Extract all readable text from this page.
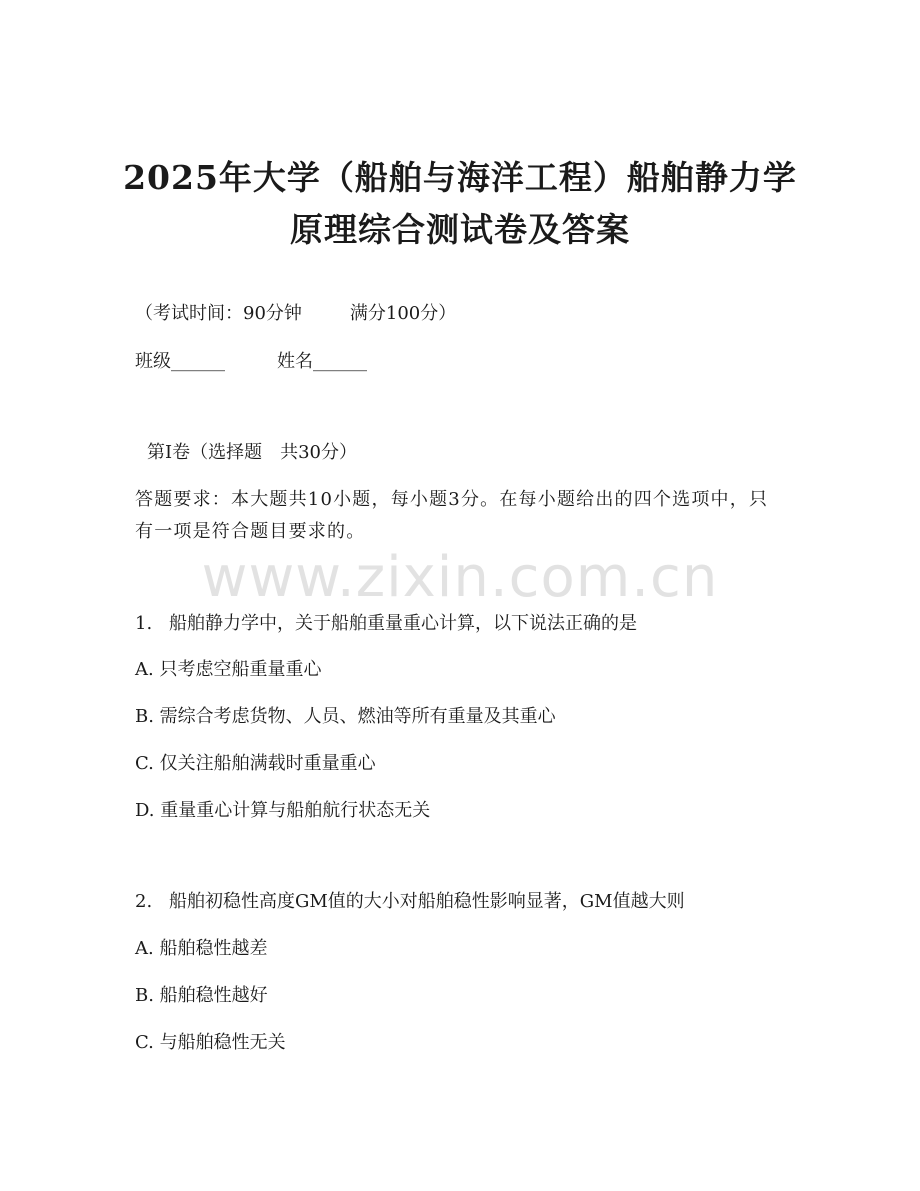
2025年大学（船舶与海洋工程）船舶静力学
原理综合测试卷及答案
（考试时间：90分钟	满分100分）
班级______	姓名______
第Ⅰ卷（选择题　共30分）
答题要求：本大题共10小题，每小题3分。在每小题给出的四个选项中，只有一项是符合题目要求的。
www.zixin.com.cn
1. 船舶静力学中，关于船舶重量重心计算，以下说法正确的是
A. 只考虑空船重量重心
B. 需综合考虑货物、人员、燃油等所有重量及其重心
C. 仅关注船舶满载时重量重心
D. 重量重心计算与船舶航行状态无关
2. 船舶初稳性高度GM值的大小对船舶稳性影响显著，GM值越大则
A. 船舶稳性越差
B. 船舶稳性越好
C. 与船舶稳性无关
